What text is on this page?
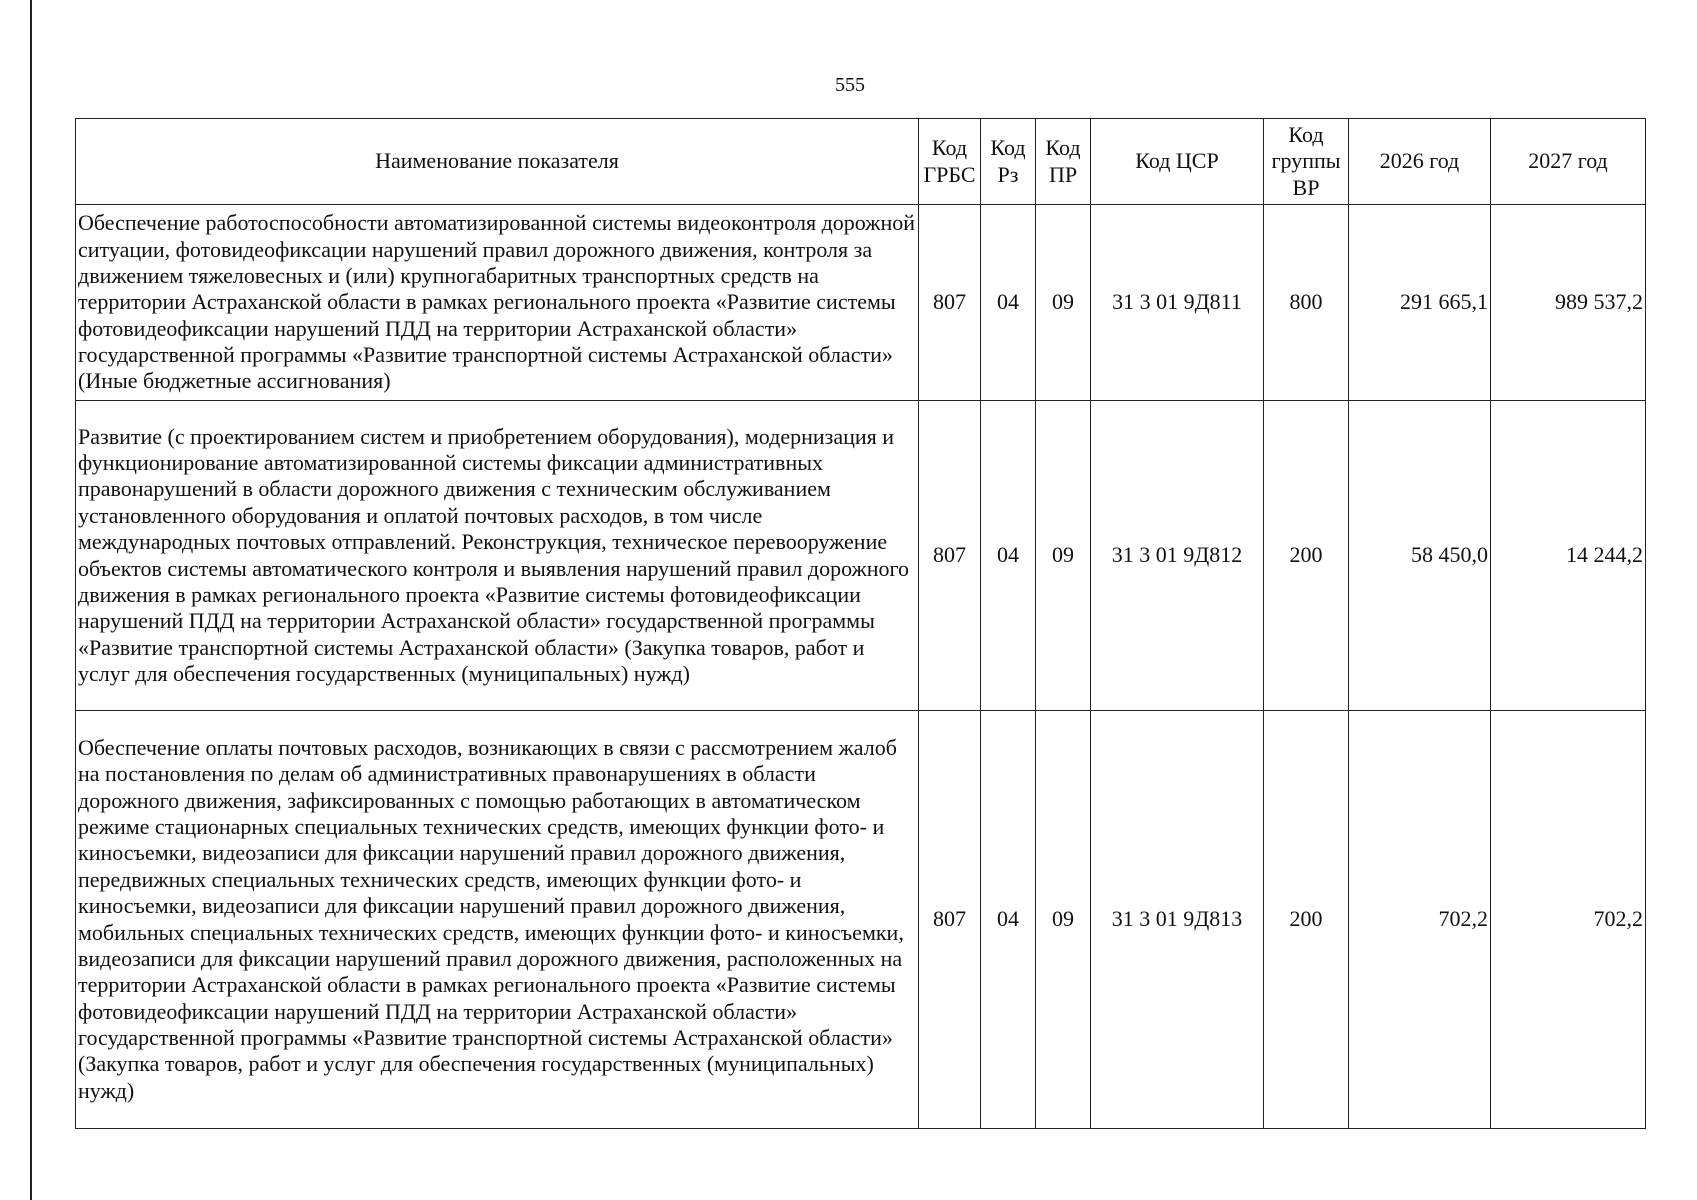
555
Наименование показателя	Код ГРБС	Код Рз	Код ПР	Код ЦСР	Код группы ВР	2026 год	2027 год
Обеспечение работоспособности автоматизированной системы видеоконтроля дорожной ситуации, фотовидеофиксации нарушений правил дорожного движения, контроля за движением тяжеловесных и (или) крупногабаритных транспортных средств на территории Астраханской области в рамках регионального проекта «Развитие системы фотовидеофиксации нарушений ПДД на территории Астраханской области» государственной программы «Развитие транспортной системы Астраханской области» (Иные бюджетные ассигнования)	807	04	09	31 3 01 9Д811	800	291 665,1	989 537,2
Развитие (с проектированием систем и приобретением оборудования), модернизация и функционирование автоматизированной системы фиксации административных правонарушений в области дорожного движения с техническим обслуживанием установленного оборудования и оплатой почтовых расходов, в том числе международных почтовых отправлений. Реконструкция, техническое перевооружение объектов системы автоматического контроля и выявления нарушений правил дорожного движения в рамках регионального проекта «Развитие системы фотовидеофиксации нарушений ПДД на территории Астраханской области» государственной программы «Развитие транспортной системы Астраханской области» (Закупка товаров, работ и услуг для обеспечения государственных (муниципальных) нужд)	807	04	09	31 3 01 9Д812	200	58 450,0	14 244,2
Обеспечение оплаты почтовых расходов, возникающих в связи с рассмотрением жалоб на постановления по делам об административных правонарушениях в области дорожного движения, зафиксированных с помощью работающих в автоматическом режиме стационарных специальных технических средств, имеющих функции фото- и киносъемки, видеозаписи для фиксации нарушений правил дорожного движения, передвижных специальных технических средств, имеющих функции фото- и киносъемки, видеозаписи для фиксации нарушений правил дорожного движения, мобильных специальных технических средств, имеющих функции фото- и киносъемки, видеозаписи для фиксации нарушений правил дорожного движения, расположенных на территории Астраханской области в рамках регионального проекта «Развитие системы фотовидеофиксации нарушений ПДД на территории Астраханской области» государственной программы «Развитие транспортной системы Астраханской области» (Закупка товаров, работ и услуг для обеспечения государственных (муниципальных) нужд)	807	04	09	31 3 01 9Д813	200	702,2	702,2
